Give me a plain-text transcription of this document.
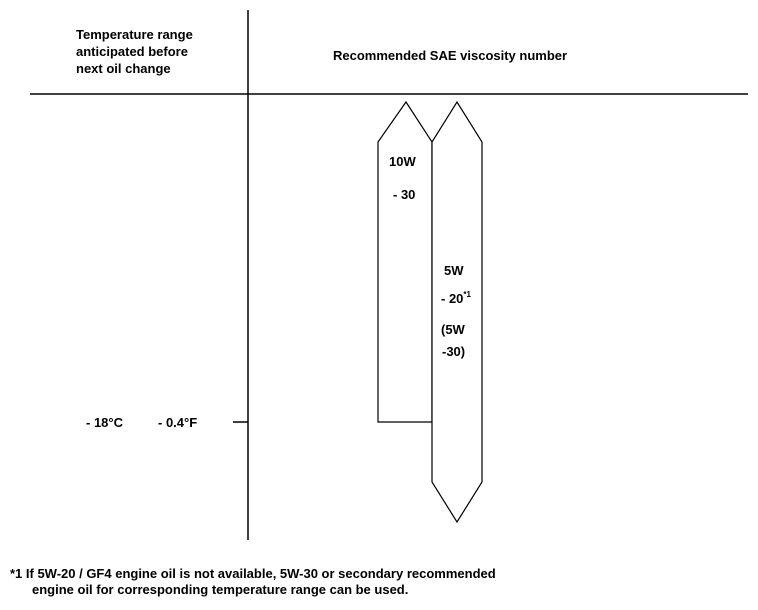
Temperature range
anticipated before
next oil change
Recommended SAE viscosity number
10W
- 30
5W
- 20$^{*1}$
(5W
-30)
- 18°C	- 0.4°F
*1 If 5W-20 / GF4 engine oil is not available, 5W-30 or secondary recommended
engine oil for corresponding temperature range can be used.
